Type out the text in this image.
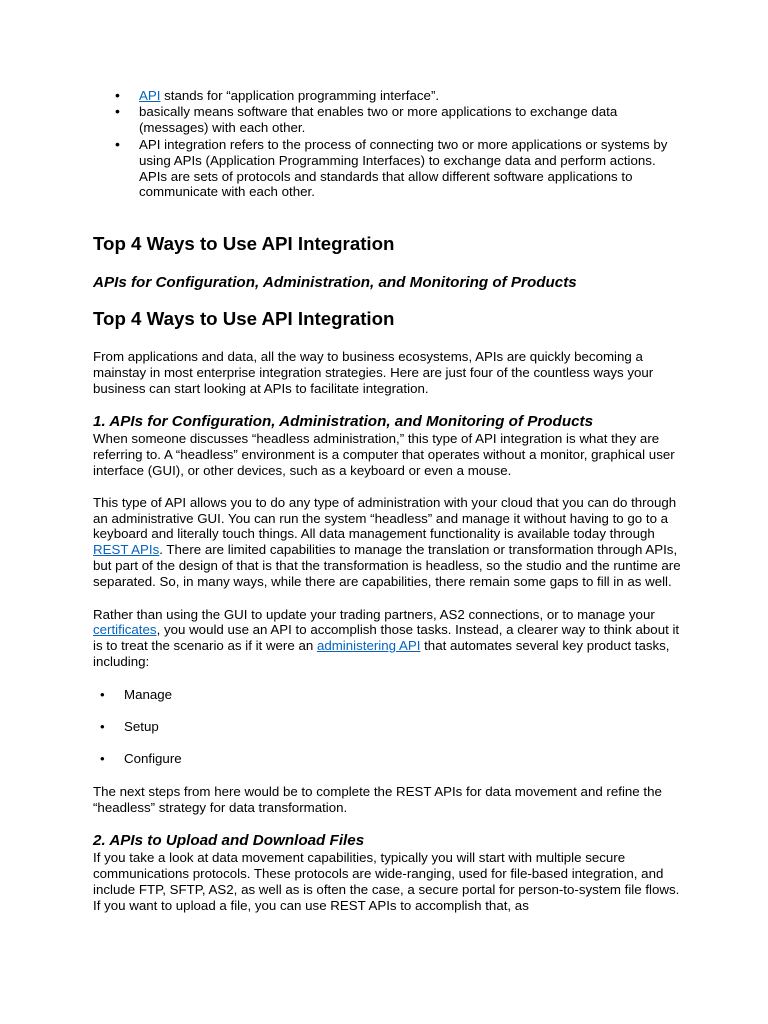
• API stands for “application programming interface”.
• basically means software that enables two or more applications to exchange data (messages) with each other.
• API integration refers to the process of connecting two or more applications or systems by using APIs (Application Programming Interfaces) to exchange data and perform actions. APIs are sets of protocols and standards that allow different software applications to communicate with each other.
Top 4 Ways to Use API Integration
APIs for Configuration, Administration, and Monitoring of Products
Top 4 Ways to Use API Integration

From applications and data, all the way to business ecosystems, APIs are quickly becoming a mainstay in most enterprise integration strategies. Here are just four of the countless ways your business can start looking at APIs to facilitate integration.

1. APIs for Configuration, Administration, and Monitoring of Products

When someone discusses “headless administration,” this type of API integration is what they are referring to. A “headless” environment is a computer that operates without a monitor, graphical user interface (GUI), or other devices, such as a keyboard or even a mouse.

This type of API allows you to do any type of administration with your cloud that you can do through an administrative GUI. You can run the system “headless” and manage it without having to go to a keyboard and literally touch things. All data management functionality is available today through REST APIs. There are limited capabilities to manage the translation or transformation through APIs, but part of the design of that is that the transformation is headless, so the studio and the runtime are separated. So, in many ways, while there are capabilities, there remain some gaps to fill in as well.

Rather than using the GUI to update your trading partners, AS2 connections, or to manage your certificates, you would use an API to accomplish those tasks. Instead, a clearer way to think about it is to treat the scenario as if it were an administering API that automates several key product tasks, including:

• Manage
• Setup
• Configure

The next steps from here would be to complete the REST APIs for data movement and refine the “headless” strategy for data transformation.

2. APIs to Upload and Download Files

If you take a look at data movement capabilities, typically you will start with multiple secure communications protocols. These protocols are wide-ranging, used for file-based integration, and include FTP, SFTP, AS2, as well as is often the case, a secure portal for person-to-system file flows. If you want to upload a file, you can use REST APIs to accomplish that, as
